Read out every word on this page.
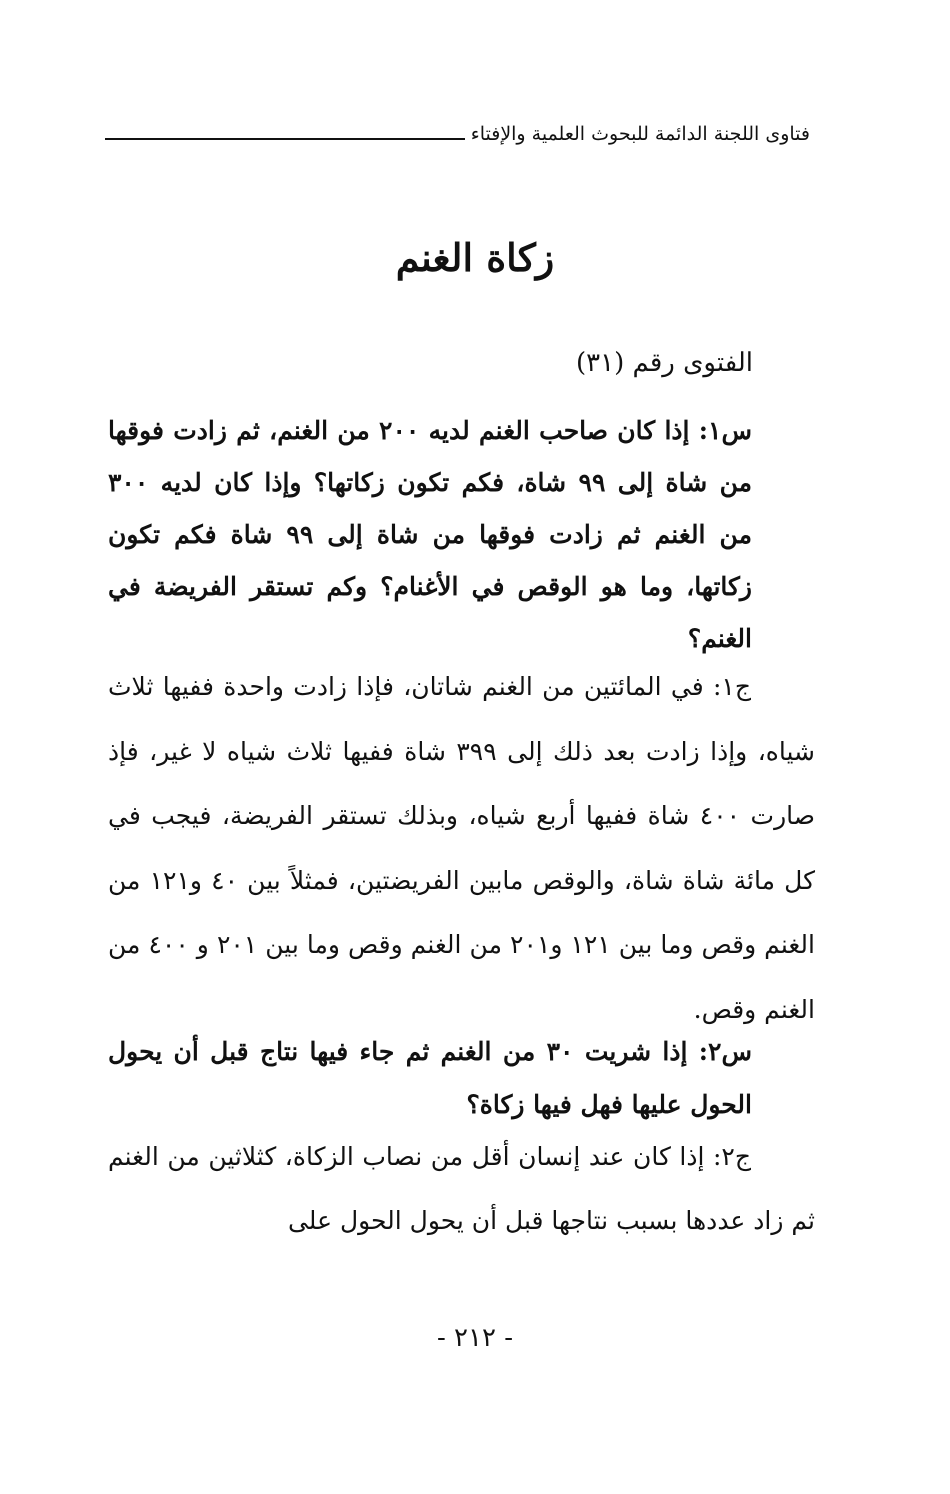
فتاوى اللجنة الدائمة للبحوث العلمية والإفتاء
زكاة الغنم
الفتوى رقم (٣١)

س١: إذا كان صاحب الغنم لديه ٢٠٠ من الغنم، ثم زادت فوقها من شاة إلى ٩٩ شاة، فكم تكون زكاتها؟ وإذا كان لديه ٣٠٠ من الغنم ثم زادت فوقها من شاة إلى ٩٩ شاة فكم تكون زكاتها، وما هو الوقص في الأغنام؟ وكم تستقر الفريضة في الغنم؟

ج١: في المائتين من الغنم شاتان، فإذا زادت واحدة ففيها ثلاث شياه، وإذا زادت بعد ذلك إلى ٣٩٩ شاة ففيها ثلاث شياه لا غير، فإذ صارت ٤٠٠ شاة ففيها أربع شياه، وبذلك تستقر الفريضة، فيجب في كل مائة شاة شاة، والوقص مابين الفريضتين، فمثلاً بين ٤٠ و١٢١ من الغنم وقص وما بين ١٢١ و٢٠١ من الغنم وقص وما بين ٢٠١ و ٤٠٠ من الغنم وقص.

س٢: إذا شريت ٣٠ من الغنم ثم جاء فيها نتاج قبل أن يحول الحول عليها فهل فيها زكاة؟

ج٢: إذا كان عند إنسان أقل من نصاب الزكاة، كثلاثين من الغنم ثم زاد عددها بسبب نتاجها قبل أن يحول الحول على

- ٢١٢ -
